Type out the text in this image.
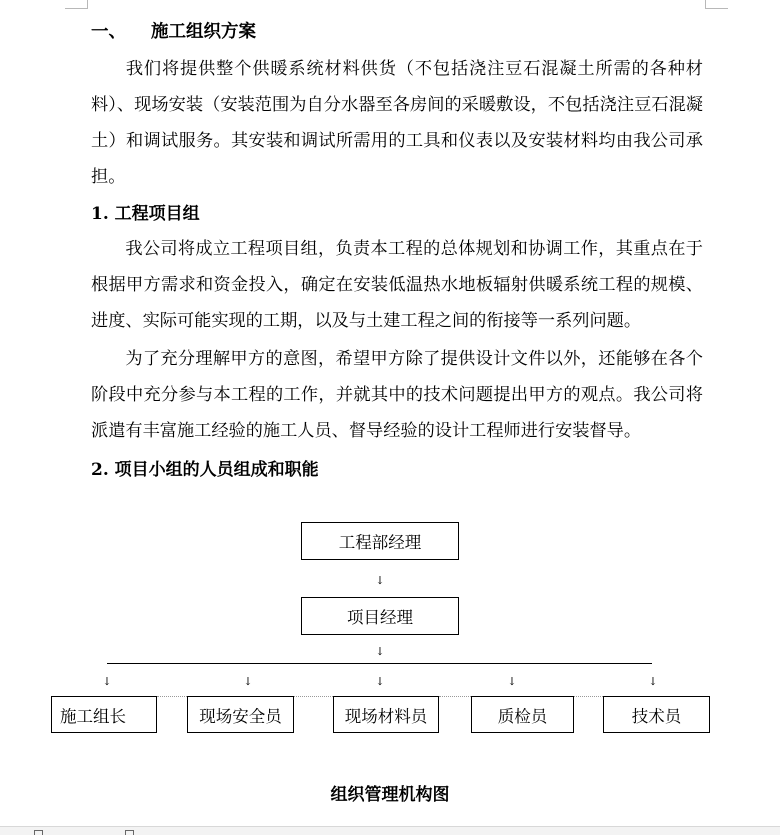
一、 施工组织方案

我们将提供整个供暖系统材料供货（不包括浇注豆石混凝土所需的各种材料）、现场安装（安装范围为自分水器至各房间的采暖敷设，不包括浇注豆石混凝土）和调试服务。其安装和调试所需用的工具和仪表以及安装材料均由我公司承担。

1. 工程项目组

我公司将成立工程项目组，负责本工程的总体规划和协调工作，其重点在于根据甲方需求和资金投入，确定在安装低温热水地板辐射供暖系统工程的规模、进度、实际可能实现的工期，以及与土建工程之间的衔接等一系列问题。

为了充分理解甲方的意图，希望甲方除了提供设计文件以外，还能够在各个阶段中充分参与本工程的工作，并就其中的技术问题提出甲方的观点。我公司将派遣有丰富施工经验的施工人员、督导经验的设计工程师进行安装督导。

2. 项目小组的人员组成和职能
工程部经理
↓
项目经理
↓
↓	↓	↓	↓	↓
施工组长	现场安全员	现场材料员	质检员	技术员
组织管理机构图
